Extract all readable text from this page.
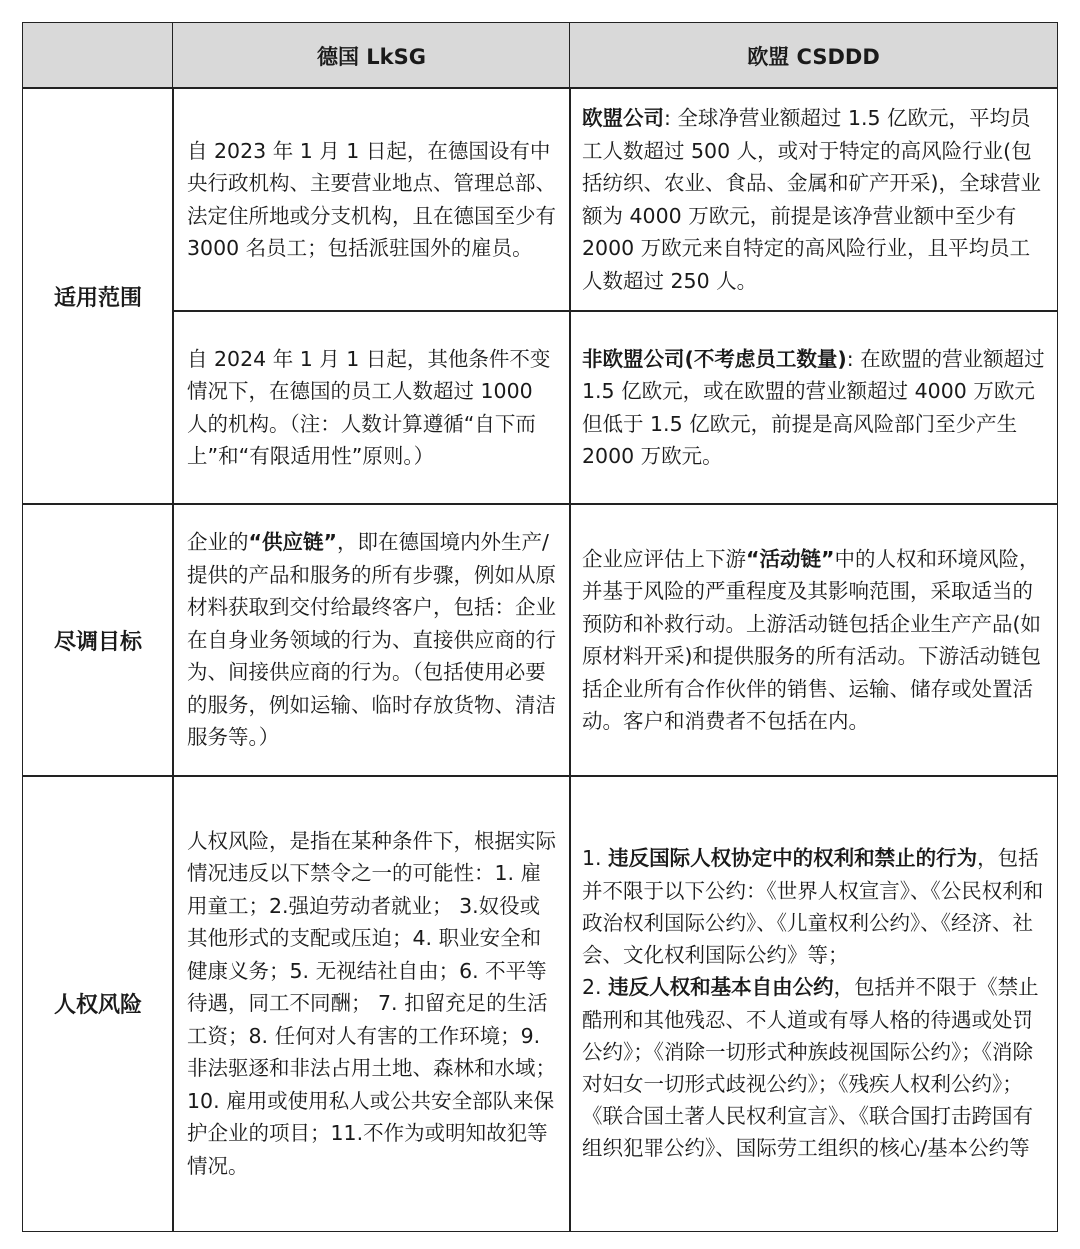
德国 LkSG	欧盟 CSDDD
适用范围

自 2023 年 1 月 1 日起，在德国设有中央行政机构、主要营业地点、管理总部、法定住所地或分支机构，且在德国至少有 3000 名员工；包括派驻国外的雇员。

自 2024 年 1 月 1 日起，其他条件不变情况下，在德国的员工人数超过 1000 人的机构。（注：人数计算遵循“自下而上”和“有限适用性”原则。）

欧盟公司: 全球净营业额超过 1.5 亿欧元，平均员工人数超过 500 人，或对于特定的高风险行业(包括纺织、农业、食品、金属和矿产开采)，全球营业额为 4000 万欧元，前提是该净营业额中至少有 2000 万欧元来自特定的高风险行业，且平均员工人数超过 250 人。

非欧盟公司(不考虑员工数量): 在欧盟的营业额超过 1.5 亿欧元，或在欧盟的营业额超过 4000 万欧元但低于 1.5 亿欧元，前提是高风险部门至少产生 2000 万欧元。

尽调目标

企业的“供应链”，即在德国境内外生产/提供的产品和服务的所有步骤，例如从原材料获取到交付给最终客户，包括：企业在自身业务领域的行为、直接供应商的行为、间接供应商的行为。（包括使用必要的服务，例如运输、临时存放货物、清洁服务等。）

企业应评估上下游“活动链”中的人权和环境风险，并基于风险的严重程度及其影响范围，采取适当的预防和补救行动。上游活动链包括企业生产产品(如原材料开采)和提供服务的所有活动。下游活动链包括企业所有合作伙伴的销售、运输、储存或处置活动。客户和消费者不包括在内。

人权风险

人权风险，是指在某种条件下，根据实际情况违反以下禁令之一的可能性：1. 雇用童工；2.强迫劳动者就业； 3.奴役或其他形式的支配或压迫；4. 职业安全和健康义务；5. 无视结社自由；6. 不平等待遇，同工不同酬； 7. 扣留充足的生活工资；8. 任何对人有害的工作环境；9.非法驱逐和非法占用土地、森林和水域；10. 雇用或使用私人或公共安全部队来保护企业的项目；11.不作为或明知故犯等情况。

1. 违反国际人权协定中的权利和禁止的行为，包括并不限于以下公约：《世界人权宣言》、《公民权利和政治权利国际公约》、《儿童权利公约》、《经济、社会、文化权利国际公约》等；

2. 违反人权和基本自由公约，包括并不限于《禁止酷刑和其他残忍、不人道或有辱人格的待遇或处罚公约》；《消除一切形式种族歧视国际公约》；《消除对妇女一切形式歧视公约》；《残疾人权利公约》；《联合国土著人民权利宣言》、《联合国打击跨国有组织犯罪公约》、国际劳工组织的核心/基本公约等
